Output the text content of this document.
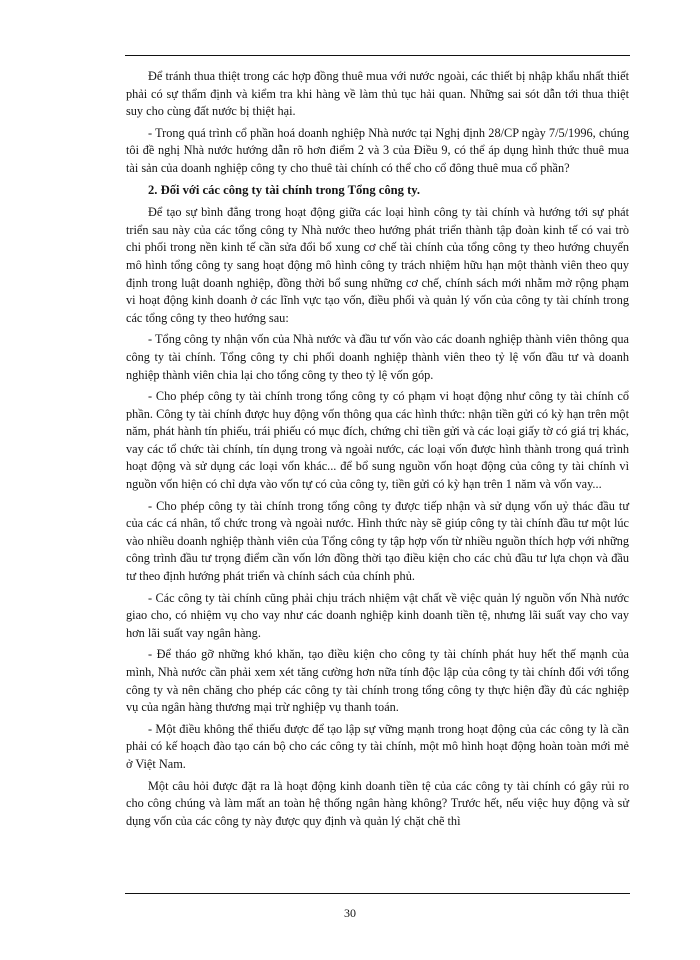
Để tránh thua thiệt trong các hợp đồng thuê mua với nước ngoài, các thiết bị nhập khẩu nhất thiết phải có sự thẩm định và kiểm tra khi hàng về làm thủ tục hải quan. Những sai sót dẫn tới thua thiệt suy cho cùng đất nước bị thiệt hại.

- Trong quá trình cổ phần hoá doanh nghiệp Nhà nước tại Nghị định 28/CP ngày 7/5/1996, chúng tôi đề nghị Nhà nước hướng dẫn rõ hơn điểm 2 và 3 của Điều 9, có thể áp dụng hình thức thuê mua tài sản của doanh nghiệp công ty cho thuê tài chính có thể cho cổ đông thuê mua cổ phần?

2. Đối với các công ty tài chính trong Tổng công ty.

Để tạo sự bình đẳng trong hoạt động giữa các loại hình công ty tài chính và hướng tới sự phát triển sau này của các tổng công ty Nhà nước theo hướng phát triển thành tập đoàn kinh tế có vai trò chi phối trong nền kinh tế cần sửa đổi bổ xung cơ chế tài chính của tổng công ty theo hướng chuyển mô hình tổng công ty sang hoạt động mô hình công ty trách nhiệm hữu hạn một thành viên theo quy định trong luật doanh nghiệp, đồng thời bổ sung những cơ chế, chính sách mới nhằm mở rộng phạm vi hoạt động kinh doanh ở các lĩnh vực tạo vốn, điều phối và quản lý vốn của công ty tài chính trong các tổng công ty theo hướng sau:

- Tổng công ty nhận vốn của Nhà nước và đầu tư vốn vào các doanh nghiệp thành viên thông qua công ty tài chính. Tổng công ty chi phối doanh nghiệp thành viên theo tỷ lệ vốn đầu tư và doanh nghiệp thành viên chia lại cho tổng công ty theo tỷ lệ vốn góp.

- Cho phép công ty tài chính trong tổng công ty có phạm vi hoạt động như công ty tài chính cổ phần. Công ty tài chính được huy động vốn thông qua các hình thức: nhận tiền gửi có kỳ hạn trên một năm, phát hành tín phiếu, trái phiếu có mục đích, chứng chỉ tiền gửi và các loại giấy tờ có giá trị khác, vay các tổ chức tài chính, tín dụng trong và ngoài nước, các loại vốn được hình thành trong quá trình hoạt động và sử dụng các loại vốn khác... để bổ sung nguồn vốn hoạt động của công ty tài chính vì nguồn vốn hiện có chỉ dựa vào vốn tự có của công ty, tiền gửi có kỳ hạn trên 1 năm và vốn vay...

- Cho phép công ty tài chính trong tổng công ty được tiếp nhận và sử dụng vốn uỷ thác đầu tư của các cá nhân, tổ chức trong và ngoài nước. Hình thức này sẽ giúp công ty tài chính đầu tư một lúc vào nhiều doanh nghiệp thành viên của Tổng công ty tập hợp vốn từ nhiều nguồn thích hợp với những công trình đầu tư trọng điểm cần vốn lớn đồng thời tạo điều kiện cho các chủ đầu tư lựa chọn và đầu tư theo định hướng phát triển và chính sách của chính phủ.

- Các công ty tài chính cũng phải chịu trách nhiệm vật chất về việc quản lý nguồn vốn Nhà nước giao cho, có nhiệm vụ cho vay như các doanh nghiệp kinh doanh tiền tệ, nhưng lãi suất vay cho vay hơn lãi suất vay ngân hàng.

- Để tháo gỡ những khó khăn, tạo điều kiện cho công ty tài chính phát huy hết thế mạnh của mình, Nhà nước cần phải xem xét tăng cường hơn nữa tính độc lập của công ty tài chính đối với tổng công ty và nên chăng cho phép các công ty tài chính trong tổng công ty thực hiện đầy đủ các nghiệp vụ của ngân hàng thương mại trừ nghiệp vụ thanh toán.

- Một điều không thể thiếu được để tạo lập sự vững mạnh trong hoạt động của các công ty là cần phải có kế hoạch đào tạo cán bộ cho các công ty tài chính, một mô hình hoạt động hoàn toàn mới mẻ ở Việt Nam.

Một câu hỏi được đặt ra là hoạt động kinh doanh tiền tệ của các công ty tài chính có gây rủi ro cho công chúng và làm mất an toàn hệ thống ngân hàng không? Trước hết, nếu việc huy động và sử dụng vốn của các công ty này được quy định và quản lý chặt chẽ thì

30
